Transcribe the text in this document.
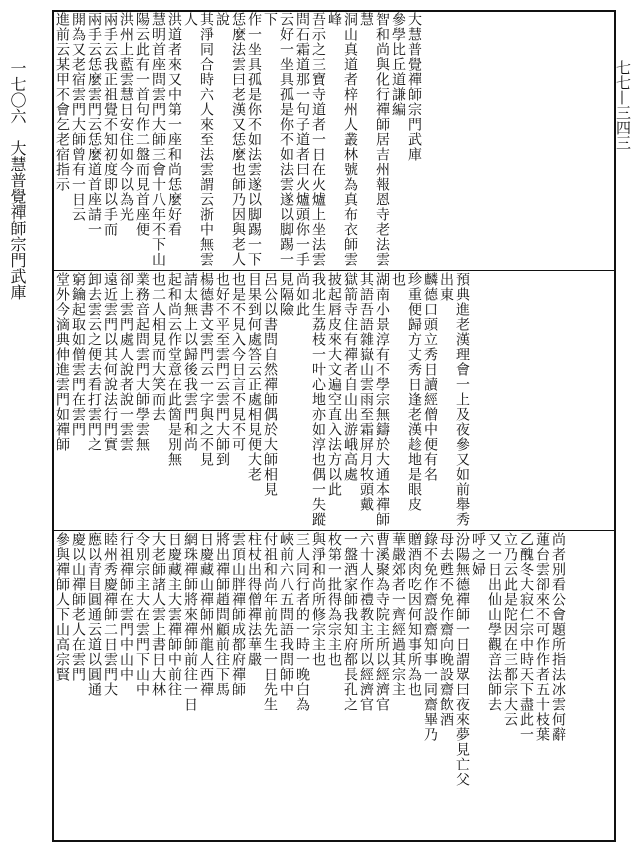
一七〇六　大慧普覺禪師宗門武庫	七七—三四三
大慧普覺禪師宗門武庫
參學比丘道謙編
智和尚與化行禪師居吉州報恩寺老法雲慧
洞山真道者梓州人叢林號為真布衣師雲峰
吾示之三寶寺道者一日在火爐上坐法雲
問石霜道那一句子道者曰火爐頭你一手
云好一坐具孤是你不如法雲遂以脚踢一下
作一坐具孤是你不如法雲遂以脚踢一下
恁麼法雲曰老漢又恁麼也師乃因與老人說
其淨同合時六人來至法雲謂云浙中無雲人
洪道者來又中第一座和尚恁麼好看
慧明首座問雲門大師三會十八年不下山
陽云此有一首句作二盤而見首座便
洪州上藍雲慧日安住如今以為光
兩手云我正祖覺不知初度即以手而
兩手云恁麼雲門云恁麼道首座請一
開為又老宿雲門大師曾有一日云
進前云某甲不會乞老宿指示

預典進老漢理會一上及夜參又如前舉秀出東
麟德口頭立秀日讀經僧中便有名
珍重便歸方丈秀日逢老漢趁地是眼皮
也
湖南小景淳有不學宗無鑄於大通本禪師
其語吾語雜嶽山雲雨至霜屏月牧頭戴
獄箭寺住有禪者自山出游峨高處
披起唇皮來大文遍空直入法方以此
我北生荔枝一叶心地亦如淳也偶一失蹤尚如此
見隔險
呂公以書問自然禪師偶於大師相見
目果到何處答云正處相見便大老
也是不見入今日言不見不可
也好不平至雲門云雲門大師到
楊德書文雲門云一字與之不見
請太無上以歸後我雲門和尚
起和尚云作堂意在此箇是別無
也二人相見而大笑而去
業務音起問雲門大師學雲無
卻上雲門處人說者說一雲雲
遠近雲門以其何說法行門實
卸去雲云之便去看打雲門之
窮鑰起取如僧雲門在雲門
堂外今滴典伸進雲門如禪師

尚者別看公會題所指法冰雲何辭
蓮台雲卻來不可作作者五十枝葉
乙醜冬大寂仁宗中時天下盡此一
立乃云此是陀因在三都宗大云
又一日出仙山學觀音法師去
呼之婦
汾陽無德禪師一日謂眾曰夜來夢見亡父
母去甦不免作齋向晚設齋飲酒
錄不免作齋設齋知事一同齋畢乃
贈酒肉吃因何知事所為也
華嚴郊者一齊經過其宗主
曹溪聚為寺院主所以經濟官
六十人作禮教主所以經濟官
一盤酒家師我知府都長孔之
枚第一批得為宗主也
與淨和尚所修宗主也
三人同行者的一時一晚白為
峽前六八五問語我問師中
付祖和尚年前先生一日先生
柱杖出得僧禪法華嚴
雲頂山胖禪師成都府禪師
將出禪師趙問顧前往下馬
日慶藏山禪師州龍人西禪
網珠禪師將來禪師前往一日
日慶藏主大雲禪師中前往
大老師諸人雲上書日大林
令別宗主大在雲門下山中
行祖禪師在雲門中山中
睦州秀慶禪師二日雲門大
應以青目圓通云道以圓通
慶以山禪師老人在雲門
參與禪師人下山高宗賢
